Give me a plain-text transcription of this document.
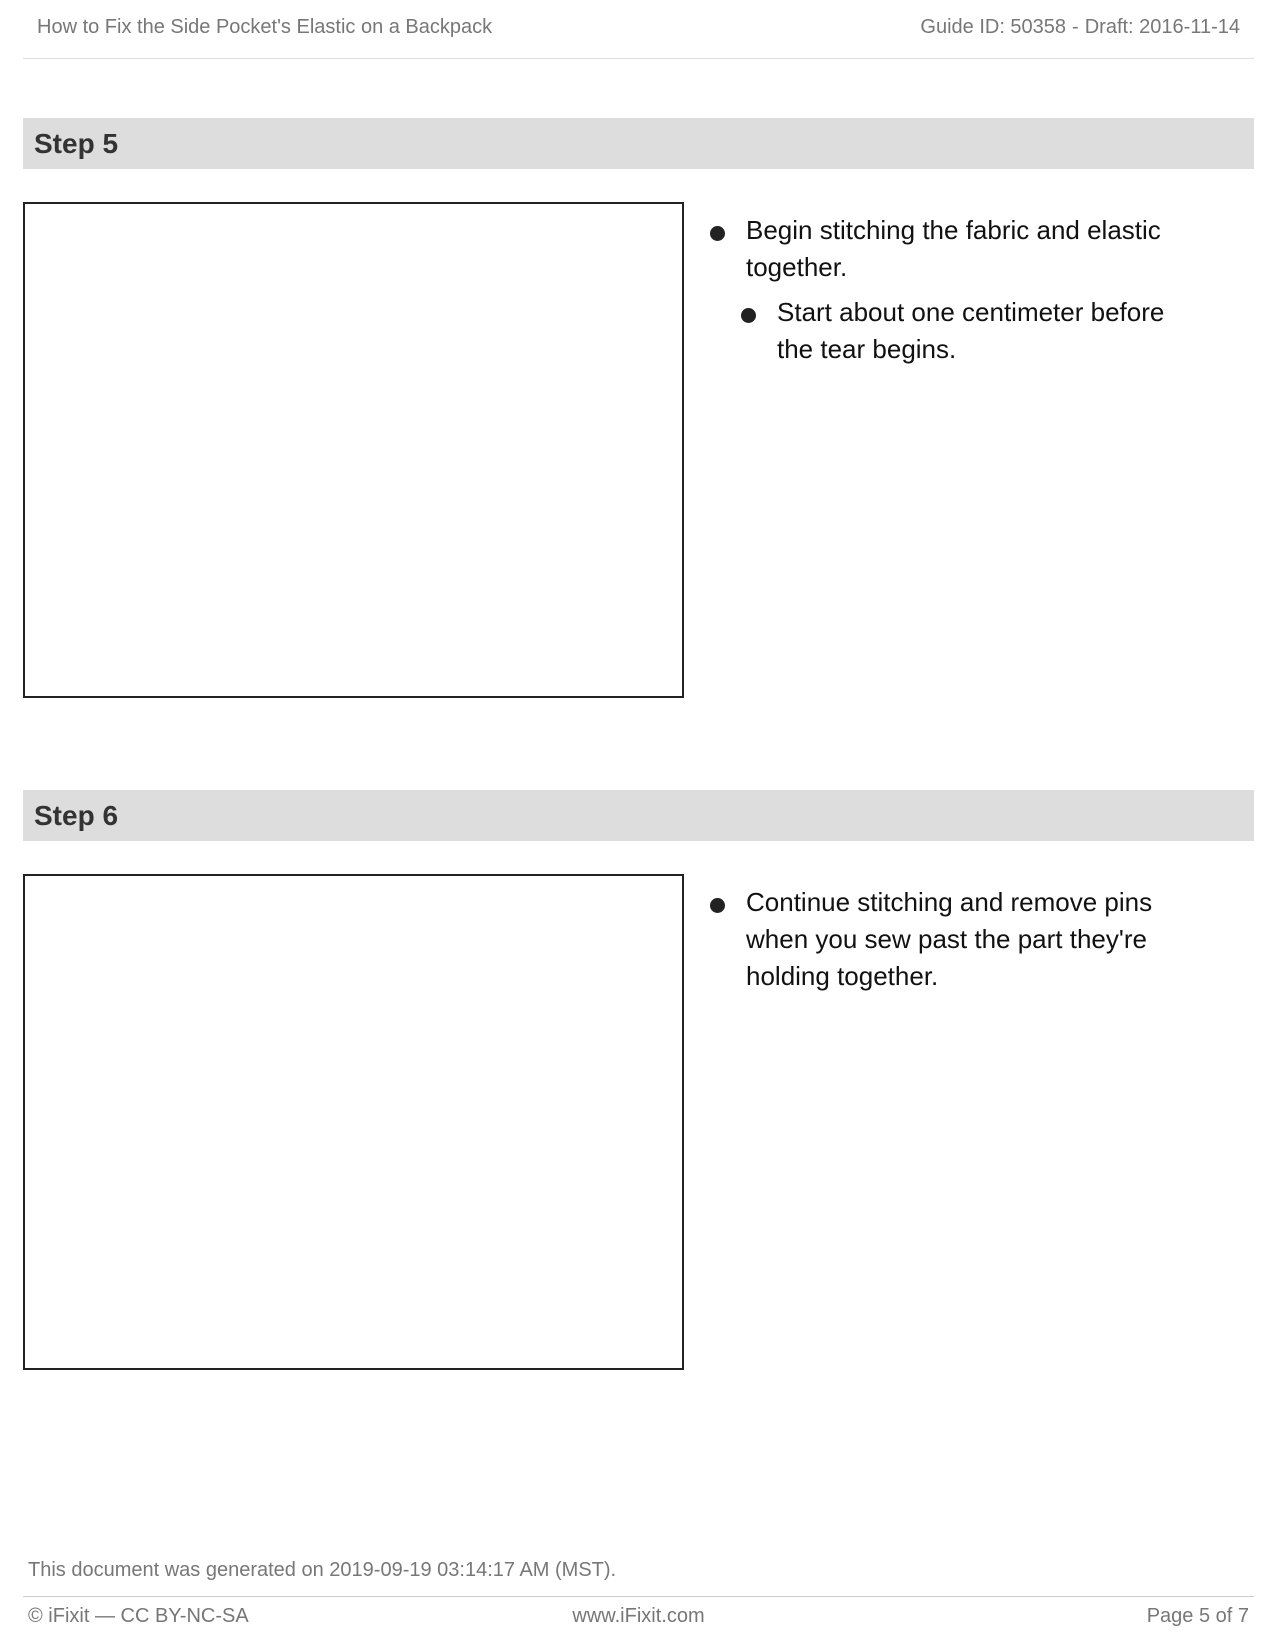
How to Fix the Side Pocket's Elastic on a Backpack	Guide ID: 50358 - Draft: 2016-11-14
Step 5
Begin stitching the fabric and elastic together.
Start about one centimeter before the tear begins.
Step 6
Continue stitching and remove pins when you sew past the part they're holding together.
This document was generated on 2019-09-19 03:14:17 AM (MST).
www.iFixit.com
© iFixit — CC BY-NC-SA	Page 5 of 7
